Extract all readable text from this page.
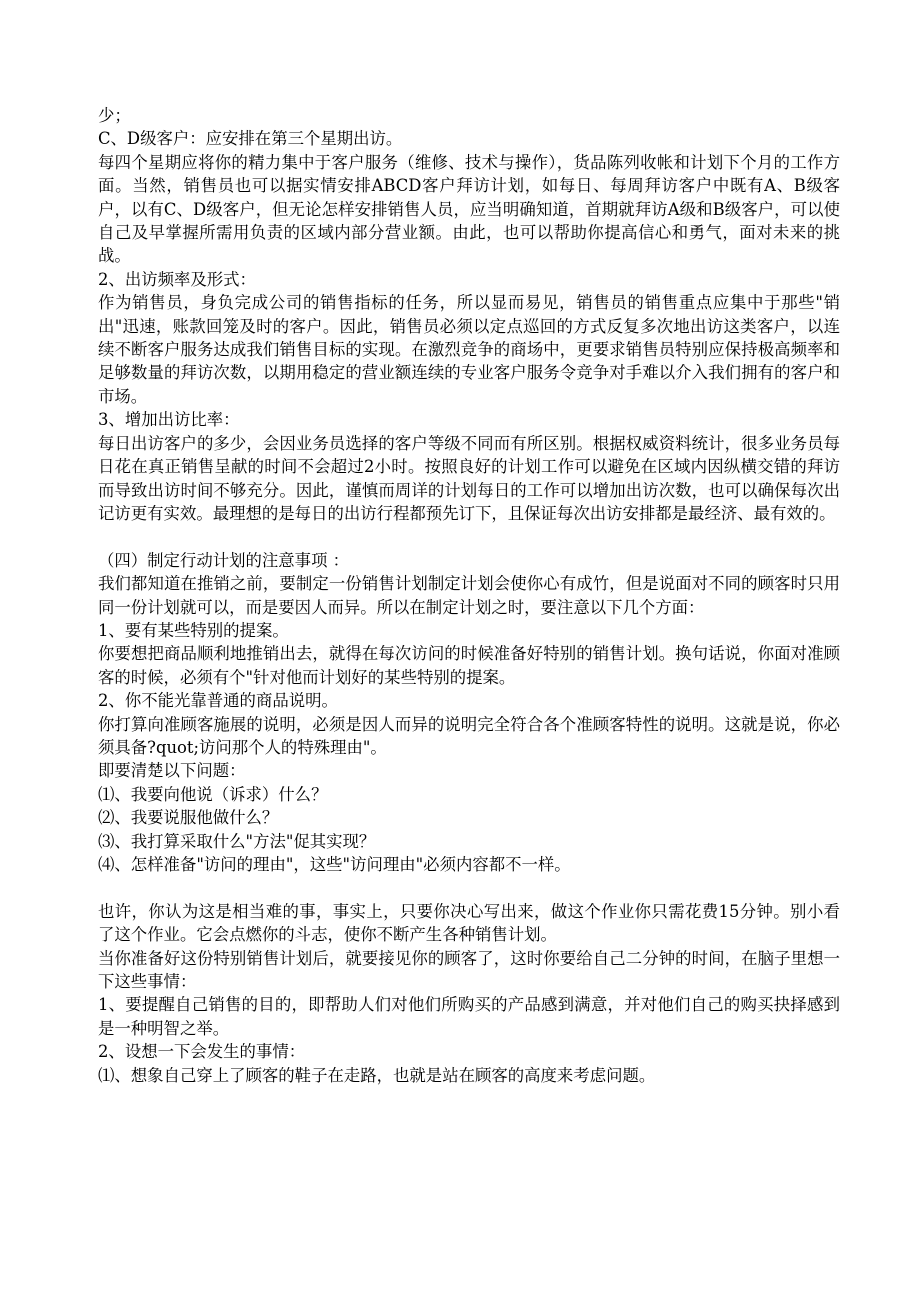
少；

C、D级客户：应安排在第三个星期出访。

每四个星期应将你的精力集中于客户服务（维修、技术与操作），货品陈列收帐和计划下个月的工作方面。当然，销售员也可以据实情安排ABCD客户拜访计划，如每日、每周拜访客户中既有A、B级客户，以有C、D级客户，但无论怎样安排销售人员，应当明确知道，首期就拜访A级和B级客户，可以使自己及早掌握所需用负责的区域内部分营业额。由此，也可以帮助你提高信心和勇气，面对未来的挑战。

2、出访频率及形式：

作为销售员，身负完成公司的销售指标的任务，所以显而易见，销售员的销售重点应集中于那些"销出"迅速，账款回笼及时的客户。因此，销售员必须以定点巡回的方式反复多次地出访这类客户，以连续不断客户服务达成我们销售目标的实现。在激烈竞争的商场中，更要求销售员特别应保持极高频率和足够数量的拜访次数，以期用稳定的营业额连续的专业客户服务令竞争对手难以介入我们拥有的客户和市场。

3、增加出访比率：

每日出访客户的多少，会因业务员选择的客户等级不同而有所区别。根据权威资料统计，很多业务员每日花在真正销售呈献的时间不会超过2小时。按照良好的计划工作可以避免在区域内因纵横交错的拜访而导致出访时间不够充分。因此，谨慎而周详的计划每日的工作可以增加出访次数，也可以确保每次出记访更有实效。最理想的是每日的出访行程都预先订下，且保证每次出访安排都是最经济、最有效的。

（四）制定行动计划的注意事项 ：

我们都知道在推销之前，要制定一份销售计划制定计划会使你心有成竹，但是说面对不同的顾客时只用同一份计划就可以，而是要因人而异。所以在制定计划之时，要注意以下几个方面：

1、要有某些特别的提案。

你要想把商品顺利地推销出去，就得在每次访问的时候准备好特别的销售计划。换句话说，你面对准顾客的时候，必须有个"针对他而计划好的某些特别的提案。

2、你不能光靠普通的商品说明。

你打算向准顾客施展的说明，必须是因人而异的说明完全符合各个准顾客特性的说明。这就是说，你必须具备?quot;访问那个人的特殊理由"。

即要清楚以下问题：

⑴、我要向他说（诉求）什么？

⑵、我要说服他做什么？

⑶、我打算采取什么"方法"促其实现？

⑷、怎样准备"访问的理由"，这些"访问理由"必须内容都不一样。

也许，你认为这是相当难的事，事实上，只要你决心写出来，做这个作业你只需花费15分钟。别小看了这个作业。它会点燃你的斗志，使你不断产生各种销售计划。

当你准备好这份特别销售计划后，就要接见你的顾客了，这时你要给自己二分钟的时间，在脑子里想一下这些事情：

1、要提醒自己销售的目的，即帮助人们对他们所购买的产品感到满意，并对他们自己的购买抉择感到是一种明智之举。

2、设想一下会发生的事情：

⑴、想象自己穿上了顾客的鞋子在走路，也就是站在顾客的高度来考虑问题。
